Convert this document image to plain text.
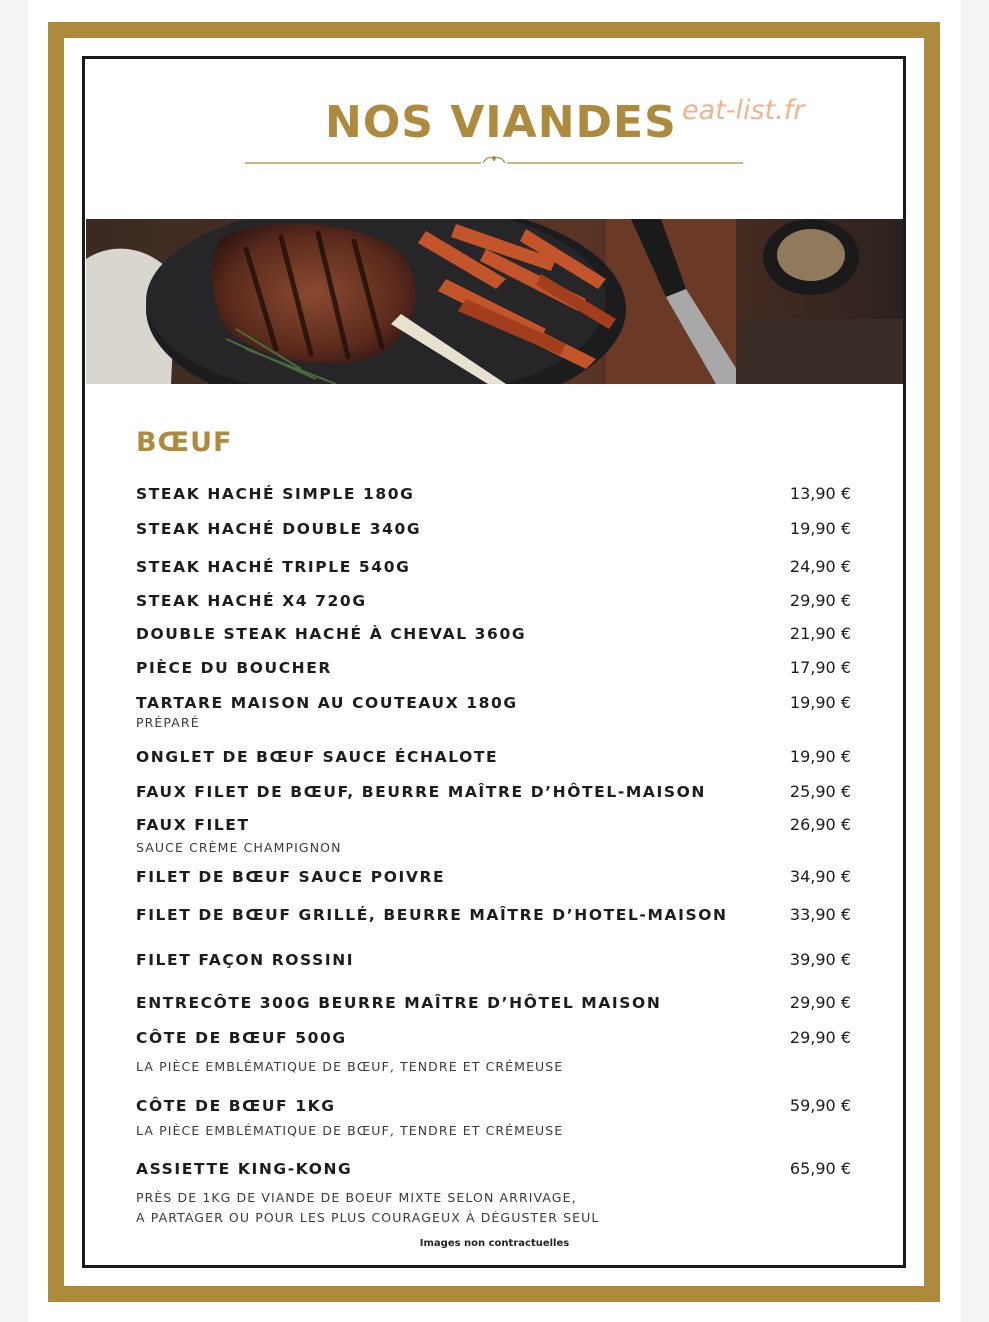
NOS VIANDES eat-list.fr
BŒUF
STEAK HACHÉ SIMPLE 180G	13,90 €
STEAK HACHÉ DOUBLE 340G	19,90 €
STEAK HACHÉ TRIPLE 540G	24,90 €
STEAK HACHÉ X4 720G	29,90 €
DOUBLE STEAK HACHÉ À CHEVAL 360G	21,90 €
PIÈCE DU BOUCHER	17,90 €
TARTARE MAISON AU COUTEAUX 180G	19,90 €
PRÉPARÉ
ONGLET DE BŒUF SAUCE ÉCHALOTE	19,90 €
FAUX FILET DE BŒUF, BEURRE MAÎTRE D’HÔTEL-MAISON	25,90 €
FAUX FILET	26,90 €
SAUCE CRÈME CHAMPIGNON
FILET DE BŒUF SAUCE POIVRE	34,90 €
FILET DE BŒUF GRILLÉ, BEURRE MAÎTRE D’HOTEL-MAISON	33,90 €
FILET FAÇON ROSSINI	39,90 €
ENTRECÔTE 300G BEURRE MAÎTRE D’HÔTEL MAISON	29,90 €
CÔTE DE BŒUF 500G	29,90 €
LA PIÈCE EMBLÉMATIQUE DE BŒUF, TENDRE ET CRÉMEUSE
CÔTE DE BŒUF 1KG	59,90 €
LA PIÈCE EMBLÉMATIQUE DE BŒUF, TENDRE ET CRÉMEUSE
ASSIETTE KING-KONG	65,90 €
PRÈS DE 1KG DE VIANDE DE BOEUF MIXTE SELON ARRIVAGE,
A PARTAGER OU POUR LES PLUS COURAGEUX À DÉGUSTER SEUL
Images non contractuelles
